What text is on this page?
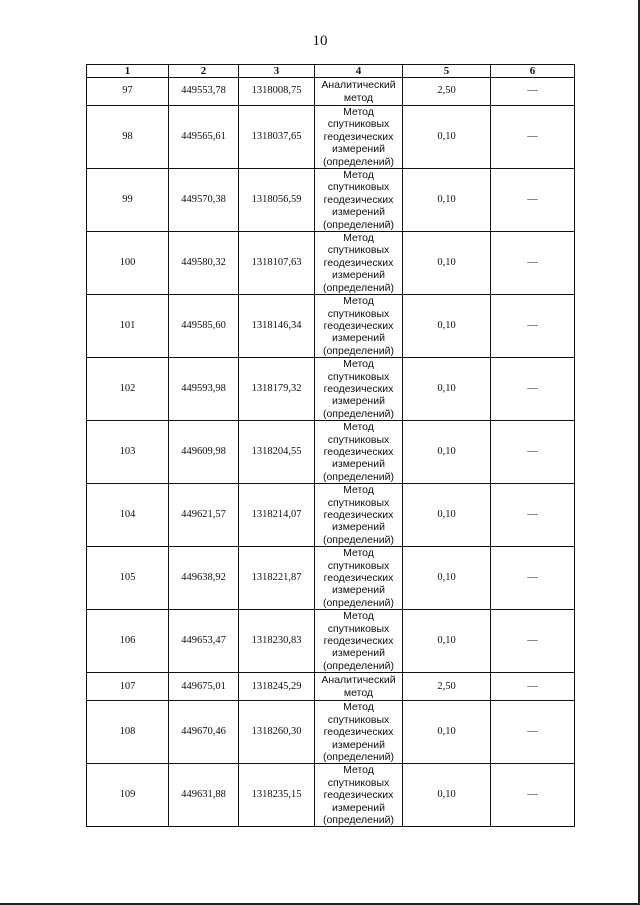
10
1	2	3	4	5	6
97	449553,78	1318008,75	Аналитический метод	2,50	—
98	449565,61	1318037,65	Метод спутниковых геодезических измерений (определений)	0,10	—
99	449570,38	1318056,59	Метод спутниковых геодезических измерений (определений)	0,10	—
100	449580,32	1318107,63	Метод спутниковых геодезических измерений (определений)	0,10	—
101	449585,60	1318146,34	Метод спутниковых геодезических измерений (определений)	0,10	—
102	449593,98	1318179,32	Метод спутниковых геодезических измерений (определений)	0,10	—
103	449609,98	1318204,55	Метод спутниковых геодезических измерений (определений)	0,10	—
104	449621,57	1318214,07	Метод спутниковых геодезических измерений (определений)	0,10	—
105	449638,92	1318221,87	Метод спутниковых геодезических измерений (определений)	0,10	—
106	449653,47	1318230,83	Метод спутниковых геодезических измерений (определений)	0,10	—
107	449675,01	1318245,29	Аналитический метод	2,50	—
108	449670,46	1318260,30	Метод спутниковых геодезических измерений (определений)	0,10	—
109	449631,88	1318235,15	Метод спутниковых геодезических измерений (определений)	0,10	—
